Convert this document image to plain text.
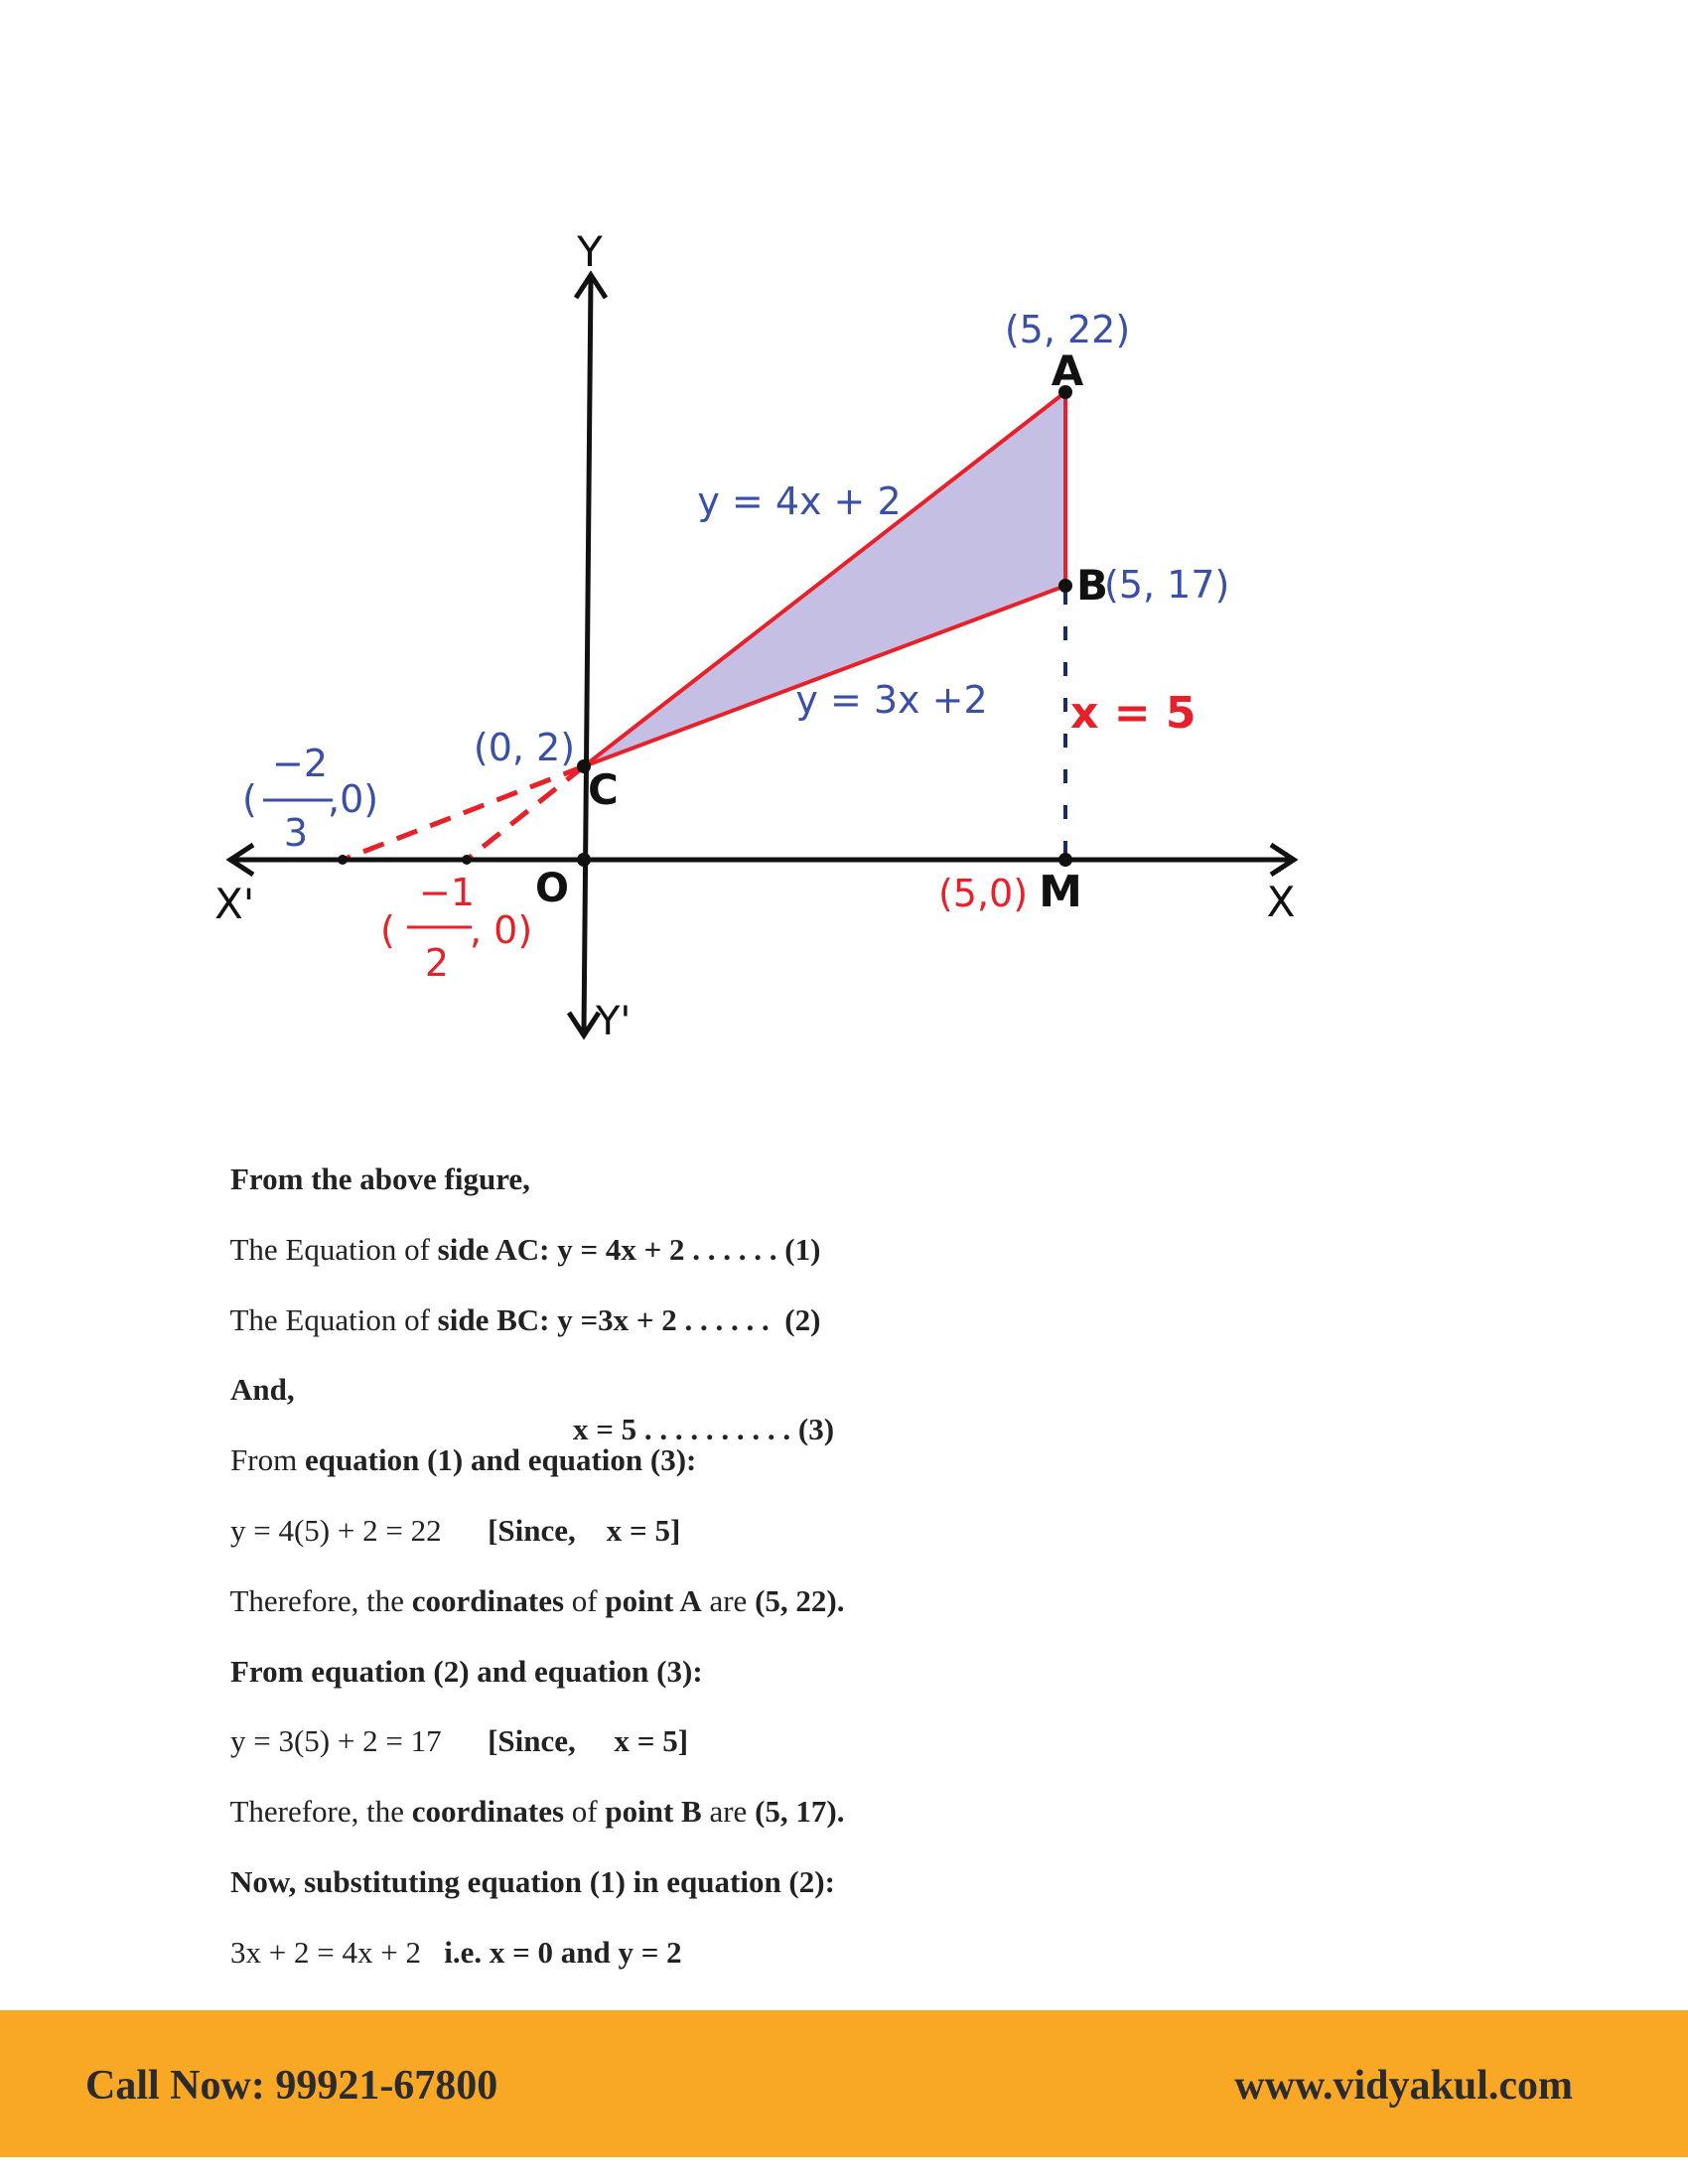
Y
Y'
X
X'	O
(5, 22)
A
B
(5, 17)
(0, 2)
C
(5,0) M
y = 4x + 2
y = 3x +2 x = 5
(
−2
3
,0)
(
−1
2
, 0)

From the above figure,

The Equation of side AC: y = 4x + 2 . . . . . . (1)

The Equation of side BC: y =3x + 2 . . . . . .  (2)

And,

x = 5 . . . . . . . . . . (3)

From equation (1) and equation (3):

y = 4(5) + 2 = 22      [Since,    x = 5]

Therefore, the coordinates of point A are (5, 22).

From equation (2) and equation (3):

y = 3(5) + 2 = 17      [Since,     x = 5]

Therefore, the coordinates of point B are (5, 17).

Now, substituting equation (1) in equation (2):

3x + 2 = 4x + 2   i.e. x = 0 and y = 2

Call Now: 99921-67800	www.vidyakul.com
